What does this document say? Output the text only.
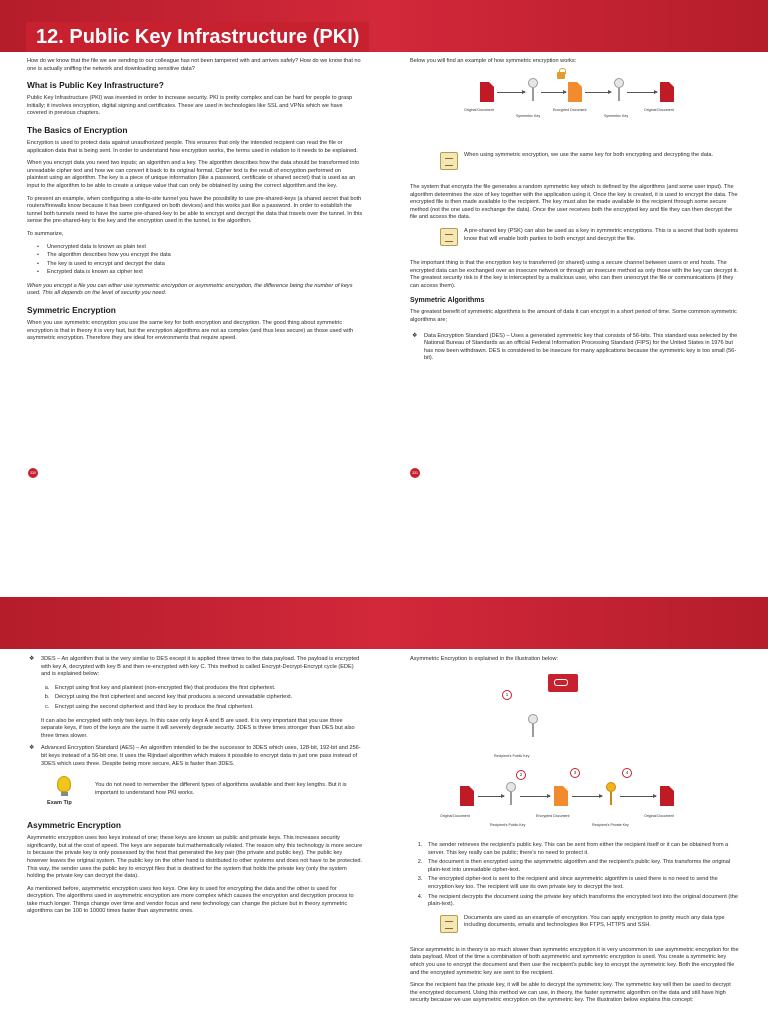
12. Public Key Infrastructure (PKI)

How do we know that the file we are sending to our colleague has not been tampered with and arrives safely? How do we know that no one is actually sniffing the network and downloading sensitive data?

What is Public Key Infrastructure?

Public Key Infrastructure (PKI) was invented in order to increase security. PKI is pretty complex and can be hard for people to grasp initially; it involves encryption, digital signing and certificates. These are used in technologies like SSL and VPNs which we have covered in previous chapters.

The Basics of Encryption

Encryption is used to protect data against unauthorized people. This ensures that only the intended recipient can read the file or application data that is being sent. In order to understand how encryption works, the terms used in relation to it needs to be explained.

When you encrypt data you need two inputs; an algorithm and a key. The algorithm describes how the data should be transformed into unreadable cipher text and how we can convert it back to its original format. Cipher text is the result of encryption performed on plaintext using an algorithm. The key is a piece of unique information (like a password, certificate or shared secret) that is used as an input to the algorithm to be able to create a unique value that can only be obtained by using the correct algorithm and the key.

To present an example, when configuring a site-to-site tunnel you have the possibility to use pre-shared-keys (a shared secret that both routers/firewalls know because it has been configured on both devices) and this works just like a password. In order to establish the tunnel both tunnels need to have the same pre-shared-key to be able to encrypt and decrypt the data that travels over the tunnel. In this sense the pre-shared-key is the key and the encryption used in the tunnel, is the algorithm.

To summarize,

• Unencrypted data is known as plain text
• The algorithm describes how you encrypt the data
• The key is used to encrypt and decrypt the data
• Encrypted data is known as cipher text

When you encrypt a file you can either use symmetric encryption or asymmetric encryption, the difference being the number of keys used. This all depends on the level of security you need.

Symmetric Encryption

When you use symmetric encryption you use the same key for both encryption and decryption. The good thing about symmetric encryption is that in theory it is very fast, but the encryption algorithms are not as complex (and thus less secure) as those used with asymmetric encryption. Therefore they are ideal for environments that require speed.

330

Below you will find an example of how symmetric encryption works:

Original Document
Symmetric Key
Encrypted Document
Symmetric Key
Original Document

When using symmetric encryption, we use the same key for both encrypting and decrypting the data.

The system that encrypts the file generates a random symmetric key which is defined by the algorithms (and some user input). The algorithm determines the size of key together with the application using it. Once the key is created, it is used to encrypt the data. The encrypted file is then made available to the recipient. The key must also be made available to the recipient through some secure method (not the one used to exchange the data). Once the user receives both the encrypted key and file they can then decrypt the file and access the data.

A pre-shared key (PSK) can also be used as a key in symmetric encryptions. This is a secret that both systems know that will enable both parties to both encrypt and decrypt the file.

The important thing is that the encryption key is transferred (or shared) using a secure channel between users or end hosts. The encrypted data can be exchanged over an insecure network or through an insecure method as only those with the key can decrypt it. The greatest security risk is if the key is intercepted by a malicious user, who can then unencrypt the file or communications (if they can access them).

Symmetric Algorithms

The greatest benefit of symmetric algorithms is the amount of data it can encrypt in a short period of time. Some common symmetric algorithms are;

❖ Data Encryption Standard (DES) – Uses a generated symmetric key that consists of 56-bits. This standard was selected by the National Bureau of Standards as an official Federal Information Processing Standard (FIPS) for the United States in 1976 but has now been withdrawn. DES is considered to be insecure for many applications because the symmetric key is too small (56-bit).
331
❖ 3DES – An algorithm that is the very similar to DES except it is applied three times to the data payload. The payload is encrypted with key A, decrypted with key B and then re-encrypted with key C. This method is called Encrypt-Decrypt-Encrypt cycle (EDE) and is explained below:
a. Encrypt using first key and plaintext (non-encrypted file) that produces the first ciphertext.
b. Decrypt using the first ciphertext and second key that produces a second unreadable ciphertext.
c. Encrypt using the second ciphertext and third key to produce the final ciphertext.

It can also be encrypted with only two keys. In this case only keys A and B are used. It is very important that you use three separate keys, if two of the keys are the same it will severely degrade security. 3DES is three times stronger than DES but also three times slower.

❖ Advanced Encryption Standard (AES) – An algorithm intended to be the successor to 3DES which uses, 128-bit, 192-bit and 256-bit keys instead of a 56-bit one. It uses the Rijndael algorithm which makes it possible to encrypt data in just one pass instead of 3DES which uses three. Despite being more secure, AES is faster than 3DES.
Exam Tip

You do not need to remember the different types of algorithms available and their key lengths. But it is important to understand how PKI works.

Asymmetric Encryption

Asymmetric encryption uses two keys instead of one; these keys are known as public and private keys. This increases security significantly, but at the cost of speed. The keys are separate but mathematically related. The reason why this technology is more secure is because the private key is only possessed by the host that generated the key pair (the private and public key). The public key however leaves the original system. The public key on the other hand is distributed to other systems and does not have to be protected. This way, the sender uses the public key to encrypt files that is destined for the system that holds the private key (only the system holding the private key can decrypt the data).

As mentioned before, asymmetric encryption uses two keys. One key is used for encrypting the data and the other is used for decryption. The algorithms used in asymmetric encryption are more complex which causes the encryption and decryption process to take much longer. Things change over time and vendor focus and new technology can change the picture but in theory symmetric algorithms can be 100 to 10000 times faster than asymmetric ones.

Asymmetric Encryption is explained in the illustration below:

1
Recipient's Public Key
2	3	4
Original Document	Encrypted Document	Original Document
Recipient's Public Key	Recipient's Private Key
1. The sender retrieves the recipient's public key. This can be sent from either the recipient itself or it can be obtained from a server. This key really can be public; there's no need to protect it.
2. The document is then encrypted using the asymmetric algorithm and the recipient's public key. This transforms the original plain-text into unreadable cipher-text.
3. The encrypted cipher-text is sent to the recipient and since asymmetric algorithm is used there is no need to send the encryption key too. The recipient will use its own private key to decrypt the text.
4. The recipient decrypts the document using the private key which transforms the encrypted text into the original document (the plain-text).

Documents are used as an example of encryption. You can apply encryption to pretty much any data type including documents, emails and technologies like FTPS, HTTPS and SSH.

Since asymmetric is in theory is so much slower than symmetric encryption it is very uncommon to use asymmetric encryption for the data payload. Most of the time a combination of both asymmetric and symmetric encryption is used. You create a symmetric key which you use to encrypt the document and then use the recipient's public key to encrypt the symmetric key. Both the encrypted file and the encrypted symmetric key are sent to the recipient.

Since the recipient has the private key, it will be able to decrypt the symmetric key. The symmetric key will then be used to decrypt the encrypted document. Using this method we can use, in theory, the faster symmetric algorithm on the data and still have high security because we use asymmetric encryption on the symmetric key. The illustration below explains this concept:
